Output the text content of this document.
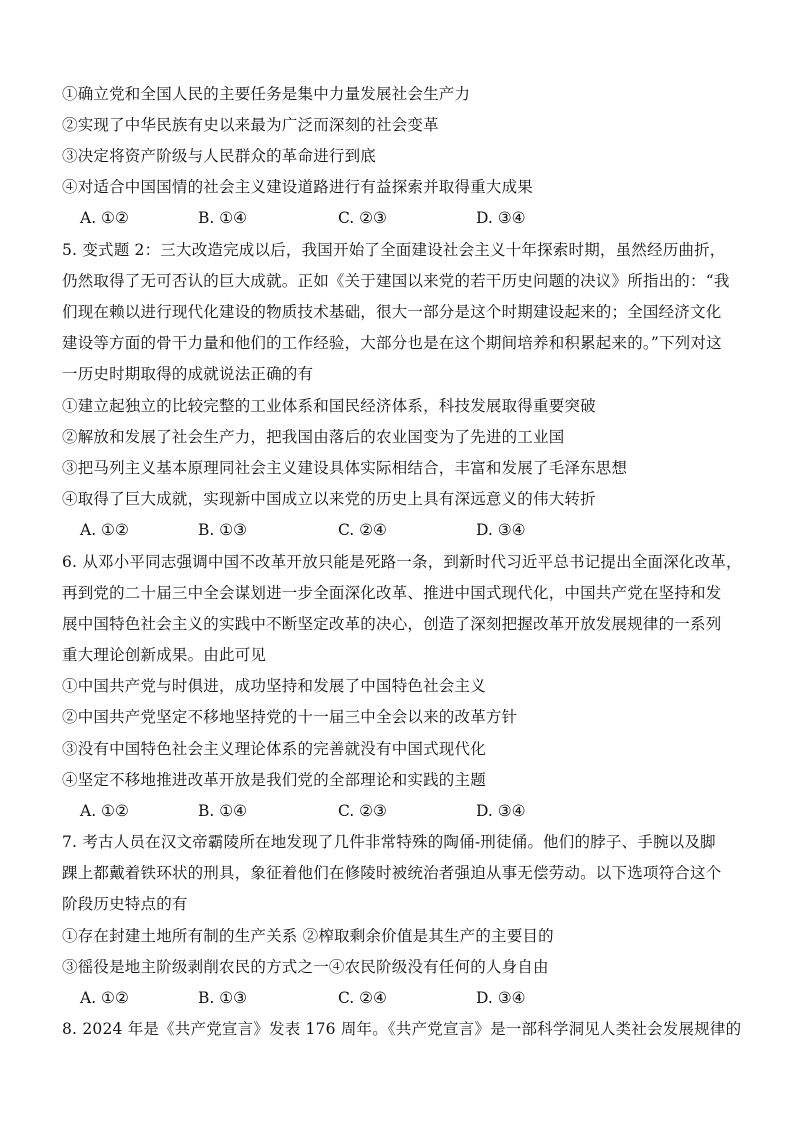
①确立党和全国人民的主要任务是集中力量发展社会生产力
②实现了中华民族有史以来最为广泛而深刻的社会变革
③决定将资产阶级与人民群众的革命进行到底
④对适合中国国情的社会主义建设道路进行有益探索并取得重大成果
A. ①②	B. ①④	C. ②③	D. ③④
5. 变式题 2：三大改造完成以后，我国开始了全面建设社会主义十年探索时期，虽然经历曲折，
仍然取得了无可否认的巨大成就。正如《关于建国以来党的若干历史问题的决议》所指出的：“我
们现在赖以进行现代化建设的物质技术基础，很大一部分是这个时期建设起来的；全国经济文化
建设等方面的骨干力量和他们的工作经验，大部分也是在这个期间培养和积累起来的。”下列对这
一历史时期取得的成就说法正确的有
①建立起独立的比较完整的工业体系和国民经济体系，科技发展取得重要突破
②解放和发展了社会生产力，把我国由落后的农业国变为了先进的工业国
③把马列主义基本原理同社会主义建设具体实际相结合，丰富和发展了毛泽东思想
④取得了巨大成就，实现新中国成立以来党的历史上具有深远意义的伟大转折
A. ①②	B. ①③	C. ②④	D. ③④
6. 从邓小平同志强调中国不改革开放只能是死路一条，到新时代习近平总书记提出全面深化改革，
再到党的二十届三中全会谋划进一步全面深化改革、推进中国式现代化，中国共产党在坚持和发
展中国特色社会主义的实践中不断坚定改革的决心，创造了深刻把握改革开放发展规律的一系列
重大理论创新成果。由此可见
①中国共产党与时俱进，成功坚持和发展了中国特色社会主义
②中国共产党坚定不移地坚持党的十一届三中全会以来的改革方针
③没有中国特色社会主义理论体系的完善就没有中国式现代化
④坚定不移地推进改革开放是我们党的全部理论和实践的主题
A. ①②	B. ①④	C. ②③	D. ③④
7. 考古人员在汉文帝霸陵所在地发现了几件非常特殊的陶俑-刑徒俑。他们的脖子、手腕以及脚
踝上都戴着铁环状的刑具，象征着他们在修陵时被统治者强迫从事无偿劳动。以下选项符合这个
阶段历史特点的有
①存在封建土地所有制的生产关系 ②榨取剩余价值是其生产的主要目的
③徭役是地主阶级剥削农民的方式之一④农民阶级没有任何的人身自由
A. ①②	B. ①③	C. ②④	D. ③④
8. 2024 年是《共产党宣言》发表 176 周年。《共产党宣言》是一部科学洞见人类社会发展规律的
